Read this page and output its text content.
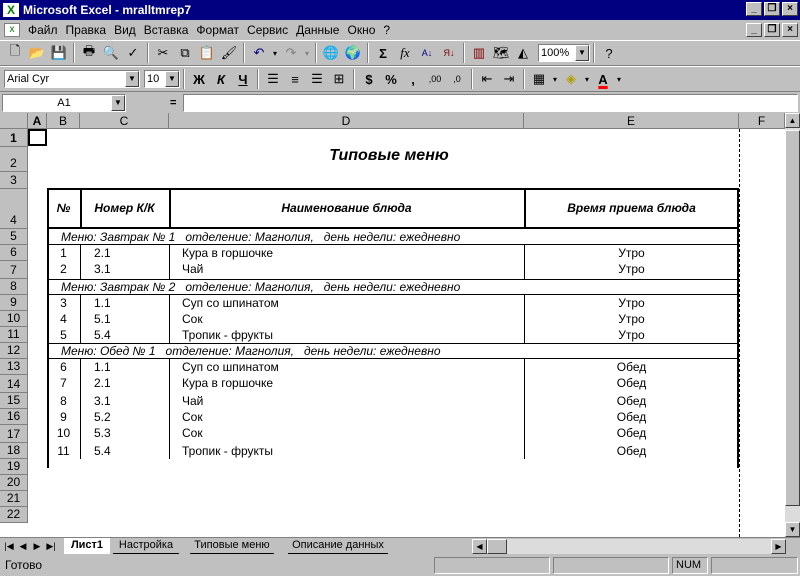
X Microsoft Excel - mralltmrep7	_	❐	×
x	Файл Правка Вид Вставка Формат Сервис Данные Окно ?	_	❐	×
🗋 📂 💾	🖶 🔍 ✓	✂ ⧉ 📋 🖌	↶	▾ ↷	▾ 🌐 🌍	Σ	fx	A↓	Я↓	▥ 🗺 ◭	100%	▼	?
Arial Cyr	▼ 10	▼	Ж К	Ч	☰ ≡ ☰ ⊞	$ %	,	,00	,0	⇤ ⇥	▦ ▾ ◈	▾ A	▾
A1	▼	=
A	B	C	D	E	F
1
2
3
4
5
6
7
8
9
10
11
12
13
14
15
16
17
18
19
20
21
22
Типовые меню
№	Номер К/К	Наименование блюда	Время приема блюда
Меню: Завтрак № 1   отделение: Магнолия,   день недели: ежедневно
1	2.1	Кура в горшочке	Утро
2	3.1	Чай	Утро
Меню: Завтрак № 2   отделение: Магнолия,   день недели: ежедневно
3	1.1	Суп со шпинатом	Утро
4	5.1	Сок	Утро
5	5.4	Тропик - фрукты	Утро
Меню: Обед № 1   отделение: Магнолия,   день недели: ежедневно
6	1.1	Суп со шпинатом	Обед
7	2.1	Кура в горшочке	Обед
8	3.1	Чай	Обед
9	5.2	Сок	Обед
10	5.3	Сок	Обед
11	5.4	Тропик - фрукты	Обед
▲
▼
|◀ ◀ ▶ ▶|	Лист1	Настройка	Типовые меню	Описание данных	◀	▶
Готово	NUM
